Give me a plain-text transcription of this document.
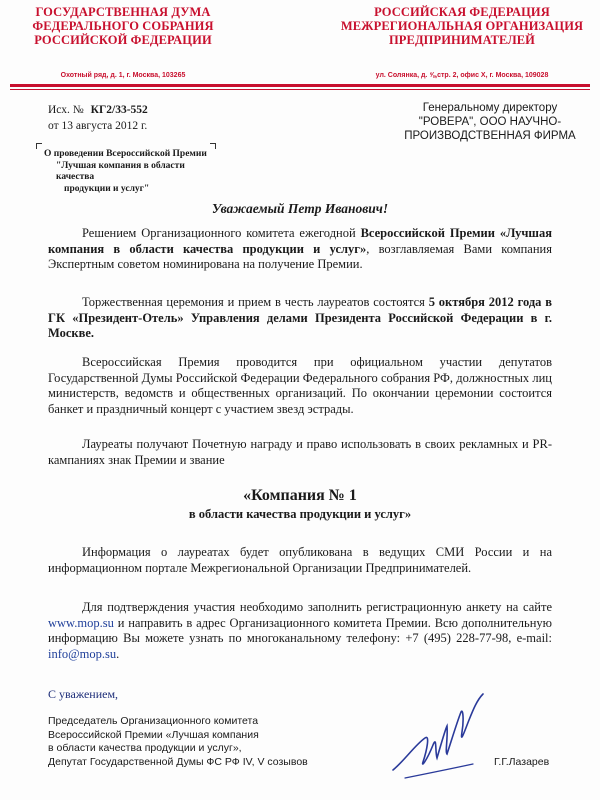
ГОСУДАРСТВЕННАЯ ДУМА
ФЕДЕРАЛЬНОГО СОБРАНИЯ
РОССИЙСКОЙ ФЕДЕРАЦИИ
Охотный ряд, д. 1, г. Москва, 103265
РОССИЙСКАЯ ФЕДЕРАЦИЯ
МЕЖРЕГИОНАЛЬНАЯ ОРГАНИЗАЦИЯ
ПРЕДПРИНИМАТЕЛЕЙ
ул. Солянка, д. ⅝,стр. 2, офис X, г. Москва, 109028
Исх. № КГ2/33-552
от 13 августа 2012 г.
Генеральному директору
"РОВЕРА", ООО НАУЧНО-
ПРОИЗВОДСТВЕННАЯ ФИРМА
О проведении Всероссийской Премии
"Лучшая компания в области качества
продукции и услуг"
Уважаемый Петр Иванович!
Решением Организационного комитета ежегодной Всероссийской Премии «Лучшая компания в области качества продукции и услуг», возглавляемая Вами компания Экспертным советом номинирована на получение Премии.
Торжественная церемония и прием в честь лауреатов состоятся 5 октября 2012 года в ГК «Президент-Отель» Управления делами Президента Российской Федерации в г. Москве.
Всероссийская Премия проводится при официальном участии депутатов Государственной Думы Российской Федерации Федерального собрания РФ, должностных лиц министерств, ведомств и общественных организаций. По окончании церемонии состоится банкет и праздничный концерт с участием звезд эстрады.
Лауреаты получают Почетную награду и право использовать в своих рекламных и PR-кампаниях знак Премии и звание
«Компания № 1
в области качества продукции и услуг»
Информация о лауреатах будет опубликована в ведущих СМИ России и на информационном портале Межрегиональной Организации Предпринимателей.
Для подтверждения участия необходимо заполнить регистрационную анкету на сайте www.mop.su и направить в адрес Организационного комитета Премии. Всю дополнительную информацию Вы можете узнать по многоканальному телефону: +7 (495) 228-77-98, e-mail: info@mop.su.
С уважением,
Председатель Организационного комитета
Всероссийской Премии «Лучшая компания
в области качества продукции и услуг»,
Депутат Государственной Думы ФС РФ IV, V созывов	Г.Г.Лазарев
